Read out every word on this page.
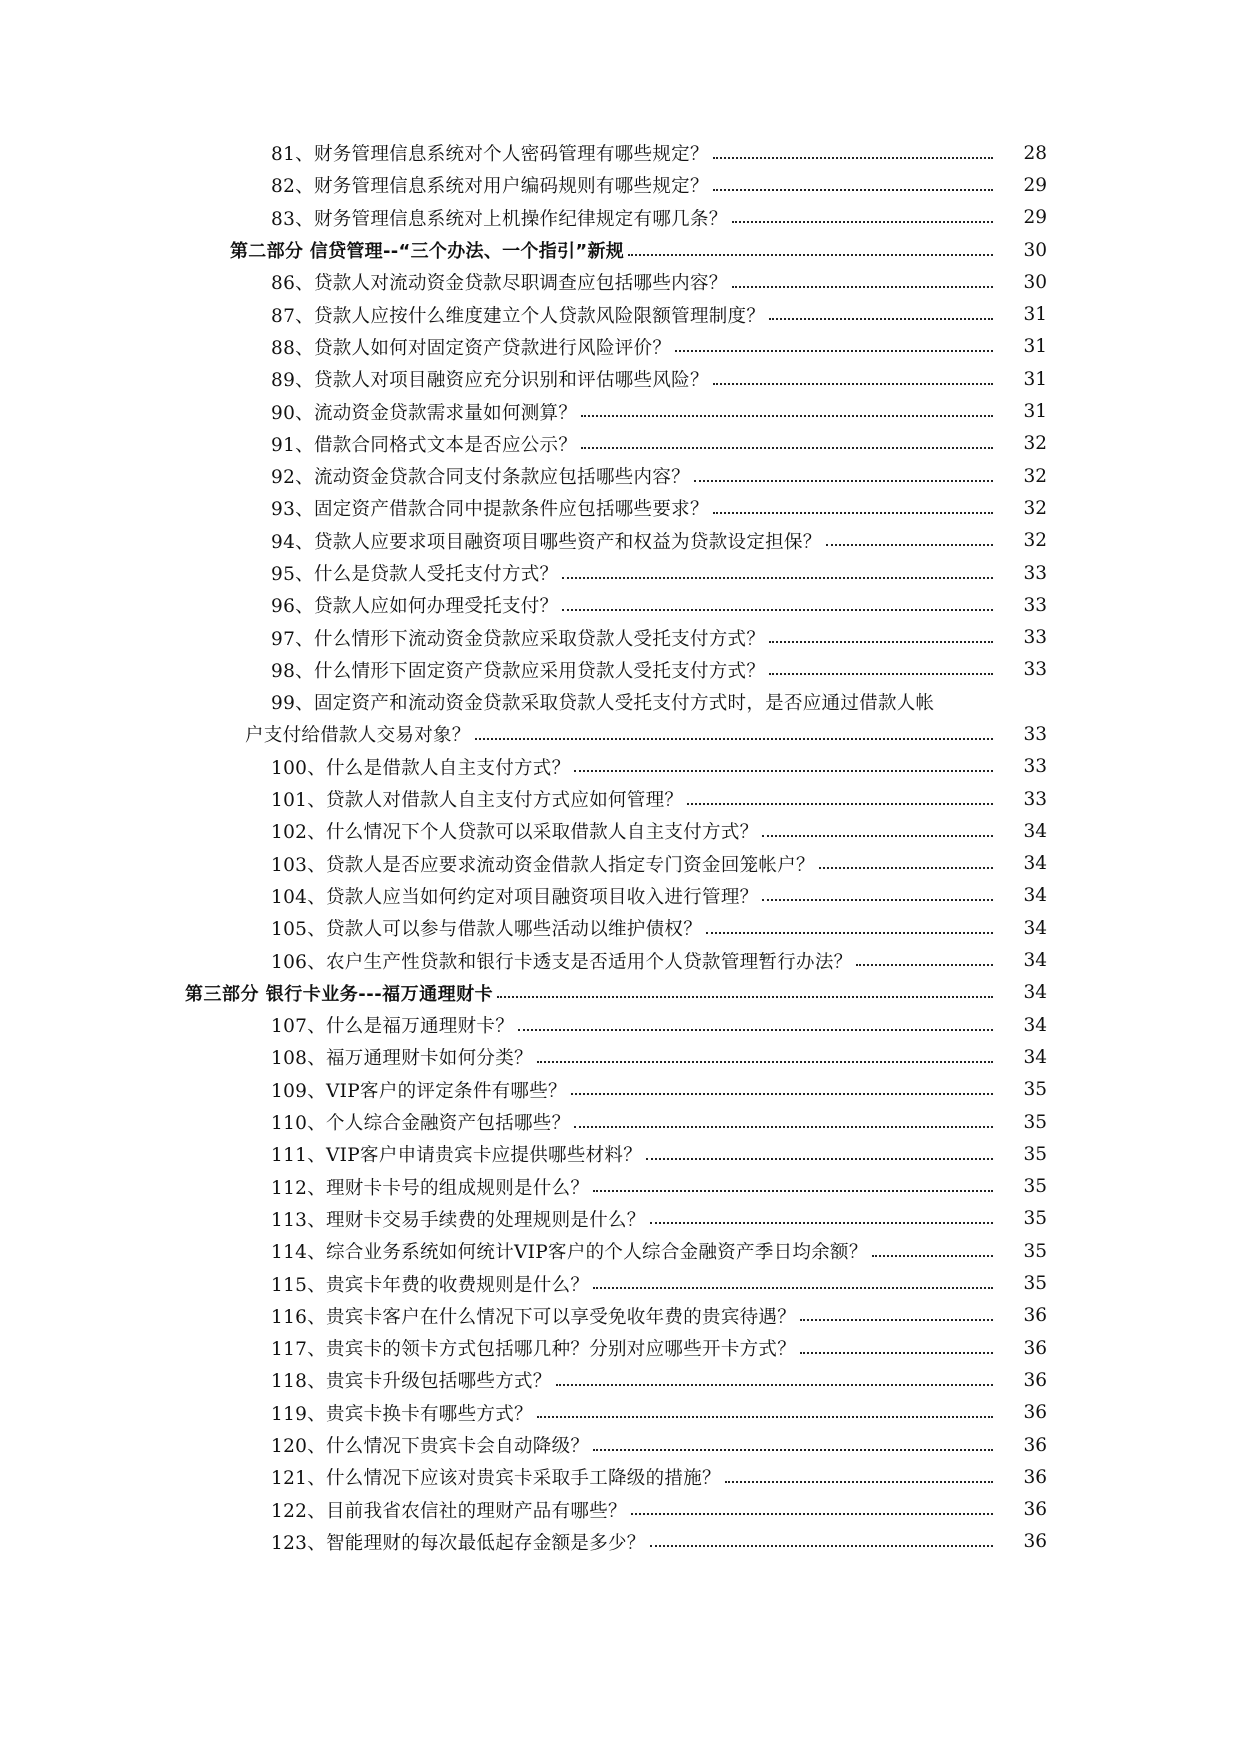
81、财务管理信息系统对个人密码管理有哪些规定？	28
82、财务管理信息系统对用户编码规则有哪些规定？	29
83、财务管理信息系统对上机操作纪律规定有哪几条？	29
第二部分 信贷管理--“三个办法、一个指引”新规	30
86、贷款人对流动资金贷款尽职调查应包括哪些内容？	30
87、贷款人应按什么维度建立个人贷款风险限额管理制度？	31
88、贷款人如何对固定资产贷款进行风险评价？	31
89、贷款人对项目融资应充分识别和评估哪些风险？	31
90、流动资金贷款需求量如何测算？	31
91、借款合同格式文本是否应公示？	32
92、流动资金贷款合同支付条款应包括哪些内容？	32
93、固定资产借款合同中提款条件应包括哪些要求？	32
94、贷款人应要求项目融资项目哪些资产和权益为贷款设定担保？	32
95、什么是贷款人受托支付方式？	33
96、贷款人应如何办理受托支付？	33
97、什么情形下流动资金贷款应采取贷款人受托支付方式？	33
98、什么情形下固定资产贷款应采用贷款人受托支付方式？	33
99、固定资产和流动资金贷款采取贷款人受托支付方式时，是否应通过借款人帐
户支付给借款人交易对象？	33
100、什么是借款人自主支付方式？	33
101、贷款人对借款人自主支付方式应如何管理？	33
102、什么情况下个人贷款可以采取借款人自主支付方式？	34
103、贷款人是否应要求流动资金借款人指定专门资金回笼帐户？	34
104、贷款人应当如何约定对项目融资项目收入进行管理？	34
105、贷款人可以参与借款人哪些活动以维护债权？	34
106、农户生产性贷款和银行卡透支是否适用个人贷款管理暂行办法？	34
第三部分 银行卡业务---福万通理财卡	34
107、什么是福万通理财卡？	34
108、福万通理财卡如何分类？	34
109、VIP客户的评定条件有哪些？	35
110、个人综合金融资产包括哪些？	35
111、VIP客户申请贵宾卡应提供哪些材料？	35
112、理财卡卡号的组成规则是什么？	35
113、理财卡交易手续费的处理规则是什么？	35
114、综合业务系统如何统计VIP客户的个人综合金融资产季日均余额？	35
115、贵宾卡年费的收费规则是什么？	35
116、贵宾卡客户在什么情况下可以享受免收年费的贵宾待遇？	36
117、贵宾卡的领卡方式包括哪几种？分别对应哪些开卡方式？	36
118、贵宾卡升级包括哪些方式？	36
119、贵宾卡换卡有哪些方式？	36
120、什么情况下贵宾卡会自动降级？	36
121、什么情况下应该对贵宾卡采取手工降级的措施？	36
122、目前我省农信社的理财产品有哪些？	36
123、智能理财的每次最低起存金额是多少？	36
